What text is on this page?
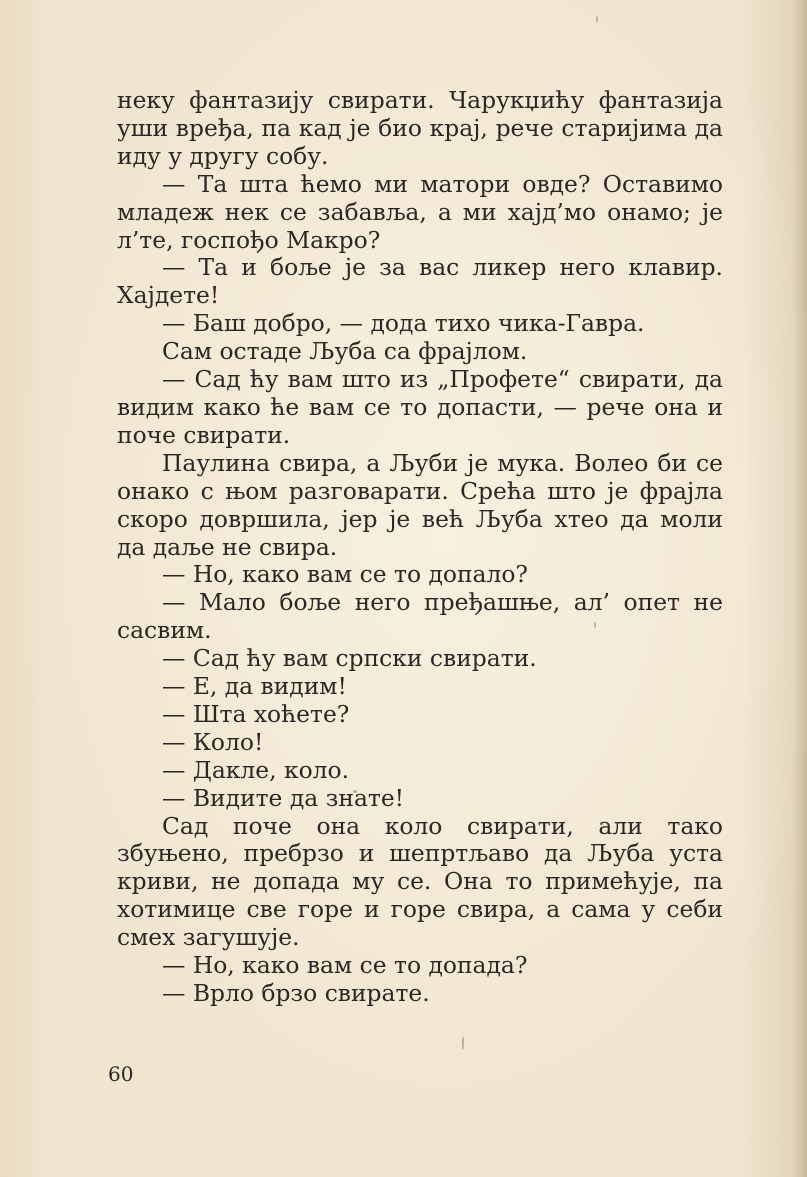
неку фантазију свирати. Чарукџићу фантазија уши вређа, па кад је био крај, рече старијима да иду у другу собу.

— Та шта ћемо ми матори овде? Оставимо младеж нек се забавља, а ми хајд’мо онамо; је л’те, госпођо Макро?

— Та и боље је за вас ликер него клавир. Хајдете!

— Баш добро, — дода тихо чика-Гавра.

Сам остаде Љуба са фрајлом.

— Сад ћу вам што из „Профете“ свирати, да видим како ће вам се то допасти, — рече она и поче свирати.

Паулина свира, а Љуби је мука. Волео би се онако с њом разговарати. Срећа што је фрајла скоро довршила, јер је већ Љуба хтео да моли да даље не свира.

— Но, како вам се то допало?

— Мало боље него пређашње, ал’ опет не сасвим.

— Сад ћу вам српски свирати.

— Е, да видим!

— Шта хоћете?

— Коло!

— Дакле, коло.

— Видите да знате!

Сад поче она коло свирати, али тако збуњено, пребрзо и шепртљаво да Љуба уста криви, не допада му се. Она то примећује, па хотимице све горе и горе свира, а сама у себи смех загушује.

— Но, како вам се то допада?

— Врло брзо свирате.

60
